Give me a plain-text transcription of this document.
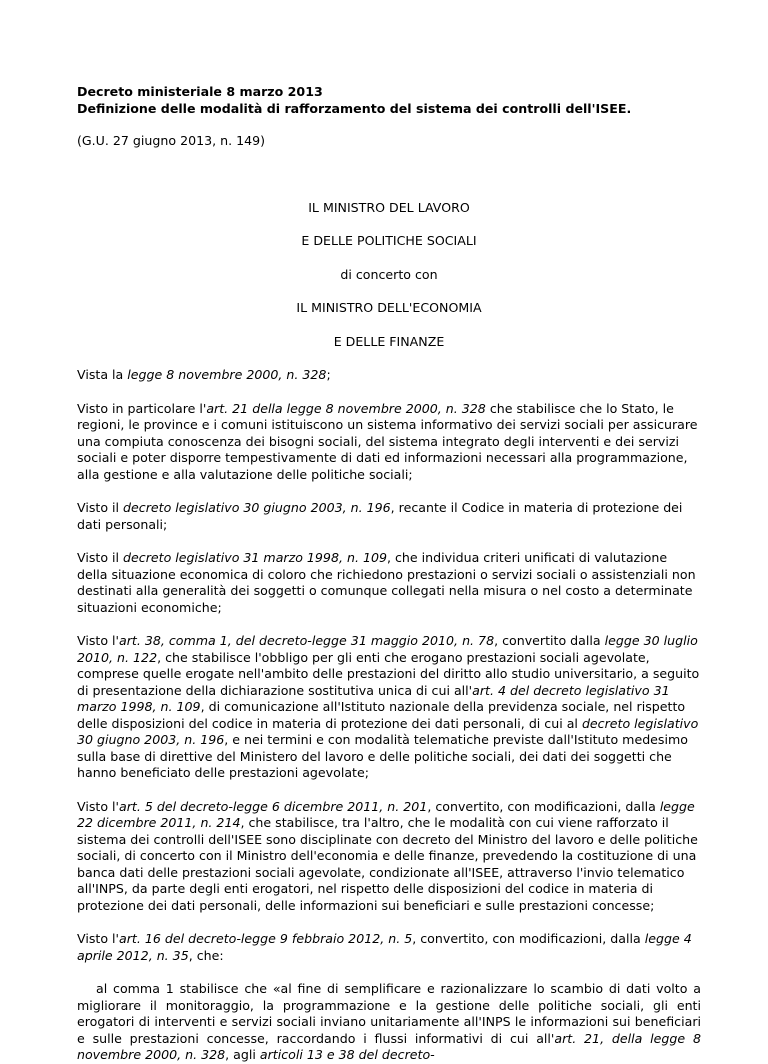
Decreto ministeriale 8 marzo 2013
Definizione delle modalità di rafforzamento del sistema dei controlli dell'ISEE.

(G.U. 27 giugno 2013, n. 149)

IL MINISTRO DEL LAVORO

E DELLE POLITICHE SOCIALI

di concerto con

IL MINISTRO DELL'ECONOMIA

E DELLE FINANZE

Vista la legge 8 novembre 2000, n. 328;

Visto in particolare l'art. 21 della legge 8 novembre 2000, n. 328 che stabilisce che lo Stato, le regioni, le province e i comuni istituiscono un sistema informativo dei servizi sociali per assicurare una compiuta conoscenza dei bisogni sociali, del sistema integrato degli interventi e dei servizi sociali e poter disporre tempestivamente di dati ed informazioni necessari alla programmazione, alla gestione e alla valutazione delle politiche sociali;

Visto il decreto legislativo 30 giugno 2003, n. 196, recante il Codice in materia di protezione dei dati personali;

Visto il decreto legislativo 31 marzo 1998, n. 109, che individua criteri unificati di valutazione della situazione economica di coloro che richiedono prestazioni o servizi sociali o assistenziali non destinati alla generalità dei soggetti o comunque collegati nella misura o nel costo a determinate situazioni economiche;

Visto l'art. 38, comma 1, del decreto-legge 31 maggio 2010, n. 78, convertito dalla legge 30 luglio 2010, n. 122, che stabilisce l'obbligo per gli enti che erogano prestazioni sociali agevolate, comprese quelle erogate nell'ambito delle prestazioni del diritto allo studio universitario, a seguito di presentazione della dichiarazione sostitutiva unica di cui all'art. 4 del decreto legislativo 31 marzo 1998, n. 109, di comunicazione all'Istituto nazionale della previdenza sociale, nel rispetto delle disposizioni del codice in materia di protezione dei dati personali, di cui al decreto legislativo 30 giugno 2003, n. 196, e nei termini e con modalità telematiche previste dall'Istituto medesimo sulla base di direttive del Ministero del lavoro e delle politiche sociali, dei dati dei soggetti che hanno beneficiato delle prestazioni agevolate;

Visto l'art. 5 del decreto-legge 6 dicembre 2011, n. 201, convertito, con modificazioni, dalla legge 22 dicembre 2011, n. 214, che stabilisce, tra l'altro, che le modalità con cui viene rafforzato il sistema dei controlli dell'ISEE sono disciplinate con decreto del Ministro del lavoro e delle politiche sociali, di concerto con il Ministro dell'economia e delle finanze, prevedendo la costituzione di una banca dati delle prestazioni sociali agevolate, condizionate all'ISEE, attraverso l'invio telematico all'INPS, da parte degli enti erogatori, nel rispetto delle disposizioni del codice in materia di protezione dei dati personali, delle informazioni sui beneficiari e sulle prestazioni concesse;

Visto l'art. 16 del decreto-legge 9 febbraio 2012, n. 5, convertito, con modificazioni, dalla legge 4 aprile 2012, n. 35, che:

al comma 1 stabilisce che «al fine di semplificare e razionalizzare lo scambio di dati volto a migliorare il monitoraggio, la programmazione e la gestione delle politiche sociali, gli enti erogatori di interventi e servizi sociali inviano unitariamente all'INPS le informazioni sui beneficiari e sulle prestazioni concesse, raccordando i flussi informativi di cui all'art. 21, della legge 8 novembre 2000, n. 328, agli articoli 13 e 38 del decreto-
